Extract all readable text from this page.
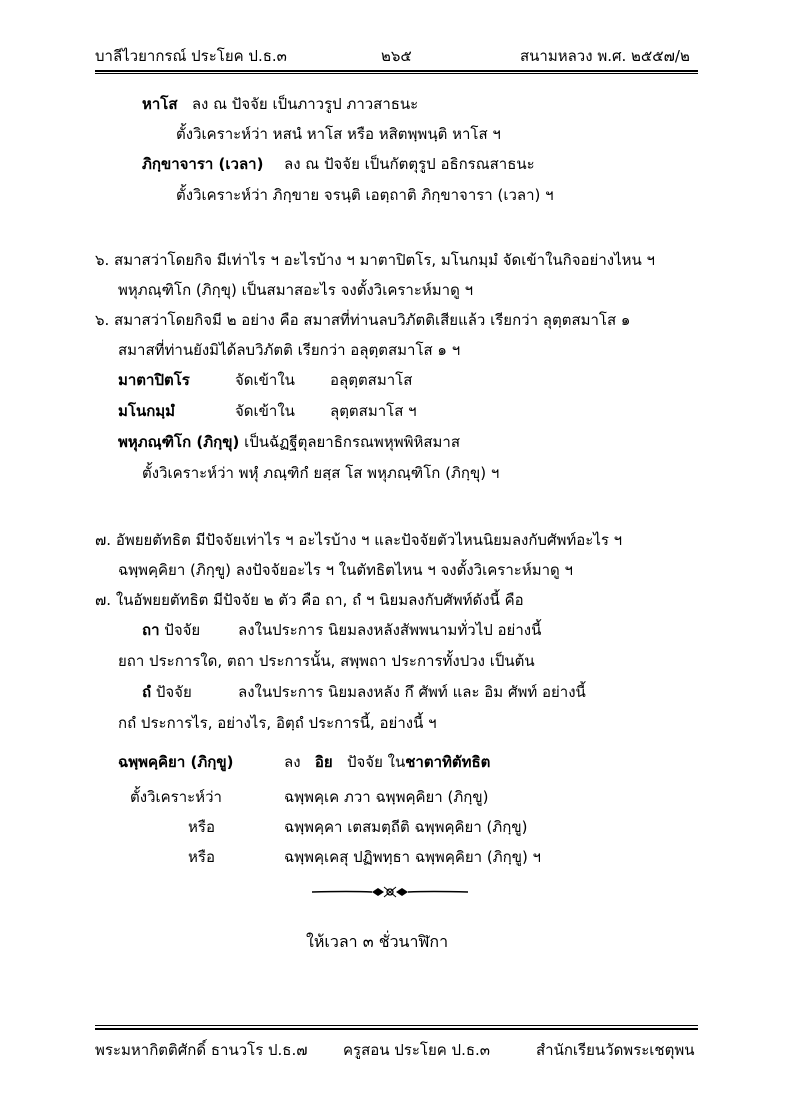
บาลีไวยากรณ์ ประโยค ป.ธ.๓	๒๖๕	สนามหลวง พ.ศ. ๒๕๕๗/๒
หาโส ลง ณ ปัจจัย เป็นภาวรูป ภาวสาธนะ
ตั้งวิเคราะห์ว่า หสนํ หาโส หรือ หสิตพฺพนฺติ หาโส ฯ
ภิกฺขาจารา (เวลา) ลง ณ ปัจจัย เป็นกัตตุรูป อธิกรณสาธนะ
ตั้งวิเคราะห์ว่า ภิกฺขาย จรนฺติ เอตฺถาติ ภิกฺขาจารา (เวลา) ฯ
๖. สมาสว่าโดยกิจ มีเท่าไร ฯ อะไรบ้าง ฯ มาตาปิตโร, มโนกมฺมํ จัดเข้าในกิจอย่างไหน ฯ
พหุภณฺฑิโก (ภิกฺขุ) เป็นสมาสอะไร จงตั้งวิเคราะห์มาดู ฯ
๖. สมาสว่าโดยกิจมี ๒ อย่าง คือ สมาสที่ท่านลบวิภัตติเสียแล้ว เรียกว่า ลุตฺตสมาโส ๑
สมาสที่ท่านยังมิได้ลบวิภัตติ เรียกว่า อลุตฺตสมาโส ๑ ฯ
มาตาปิตโร	จัดเข้าใน อลุตฺตสมาโส
มโนกมฺมํ	จัดเข้าใน ลุตฺตสมาโส ฯ
พหุภณฺฑิโก (ภิกฺขุ) เป็นฉัฏฐีตุลยาธิกรณพหุพพิหิสมาส
ตั้งวิเคราะห์ว่า พหุํ ภณฺฑิกํ ยสฺส โส พหุภณฺฑิโก (ภิกฺขุ) ฯ
๗. อัพยยตัทธิต มีปัจจัยเท่าไร ฯ อะไรบ้าง ฯ และปัจจัยตัวไหนนิยมลงกับศัพท์อะไร ฯ
ฉพฺพคฺคิยา (ภิกฺขู) ลงปัจจัยอะไร ฯ ในตัทธิตไหน ฯ จงตั้งวิเคราะห์มาดู ฯ
๗. ในอัพยยตัทธิต มีปัจจัย ๒ ตัว คือ ถา, ถํ ฯ นิยมลงกับศัพท์ดังนี้ คือ
ถา ปัจจัย	ลงในประการ นิยมลงหลังสัพพนามทั่วไป อย่างนี้
ยถา ประการใด, ตถา ประการนั้น, สพฺพถา ประการทั้งปวง เป็นต้น
ถํ ปัจจัย	ลงในประการ นิยมลงหลัง กึ ศัพท์ และ อิม ศัพท์ อย่างนี้
กถํ ประการไร, อย่างไร, อิตฺถํ ประการนี้, อย่างนี้ ฯ
ฉพฺพคฺคิยา (ภิกฺขู)	ลง อิย ปัจจัย ในชาตาทิตัทธิต
ตั้งวิเคราะห์ว่า	ฉพฺพคฺเค ภวา ฉพฺพคฺคิยา (ภิกฺขู)
หรือ	ฉพฺพคฺคา เตสมตฺถีติ ฉพฺพคฺคิยา (ภิกฺขู)
หรือ	ฉพฺพคฺเคสุ ปฏิพทฺธา ฉพฺพคฺคิยา (ภิกฺขู) ฯ
ให้เวลา ๓ ชั่วนาฬิกา
พระมหากิตติศักดิ์ ธานวโร ป.ธ.๗ ครูสอน ประโยค ป.ธ.๓	สำนักเรียนวัดพระเชตุพน
